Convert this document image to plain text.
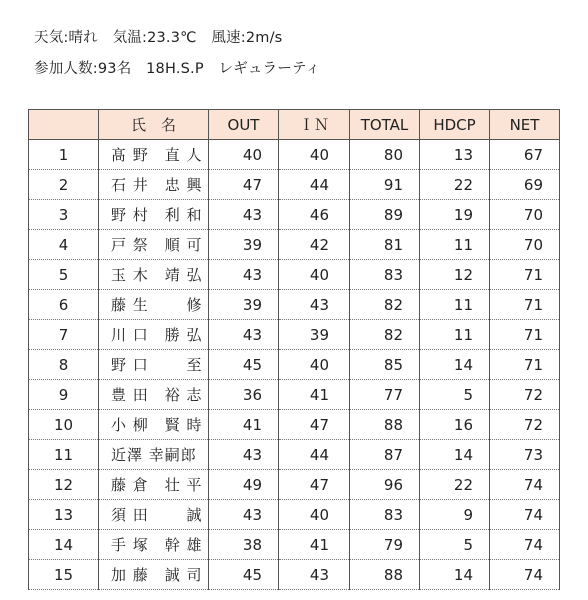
天気:晴れ　気温:23.3℃　風速:2m/s
参加人数:93名　18H.S.P　レギュラーティ
	氏　名	OUT	ＩＮ	TOTAL	HDCP	NET
1	髙 野　直 人	40	40	80	13	67
2	石 井　忠 興	47	44	91	22	69
3	野 村　利 和	43	46	89	19	70
4	戸 祭　順 可	39	42	81	11	70
5	玉 木　靖 弘	43	40	83	12	71
6	藤 生　　 修	39	43	82	11	71
7	川 口　勝 弘	43	39	82	11	71
8	野 口　　 至	45	40	85	14	71
9	豊 田　裕 志	36	41	77	5	72
10	小 柳　賢 時	41	47	88	16	72
11	近澤 幸嗣郎	43	44	87	14	73
12	藤 倉　壮 平	49	47	96	22	74
13	須 田　　 誠	43	40	83	9	74
14	手 塚　幹 雄	38	41	79	5	74
15	加 藤　誠 司	45	43	88	14	74
